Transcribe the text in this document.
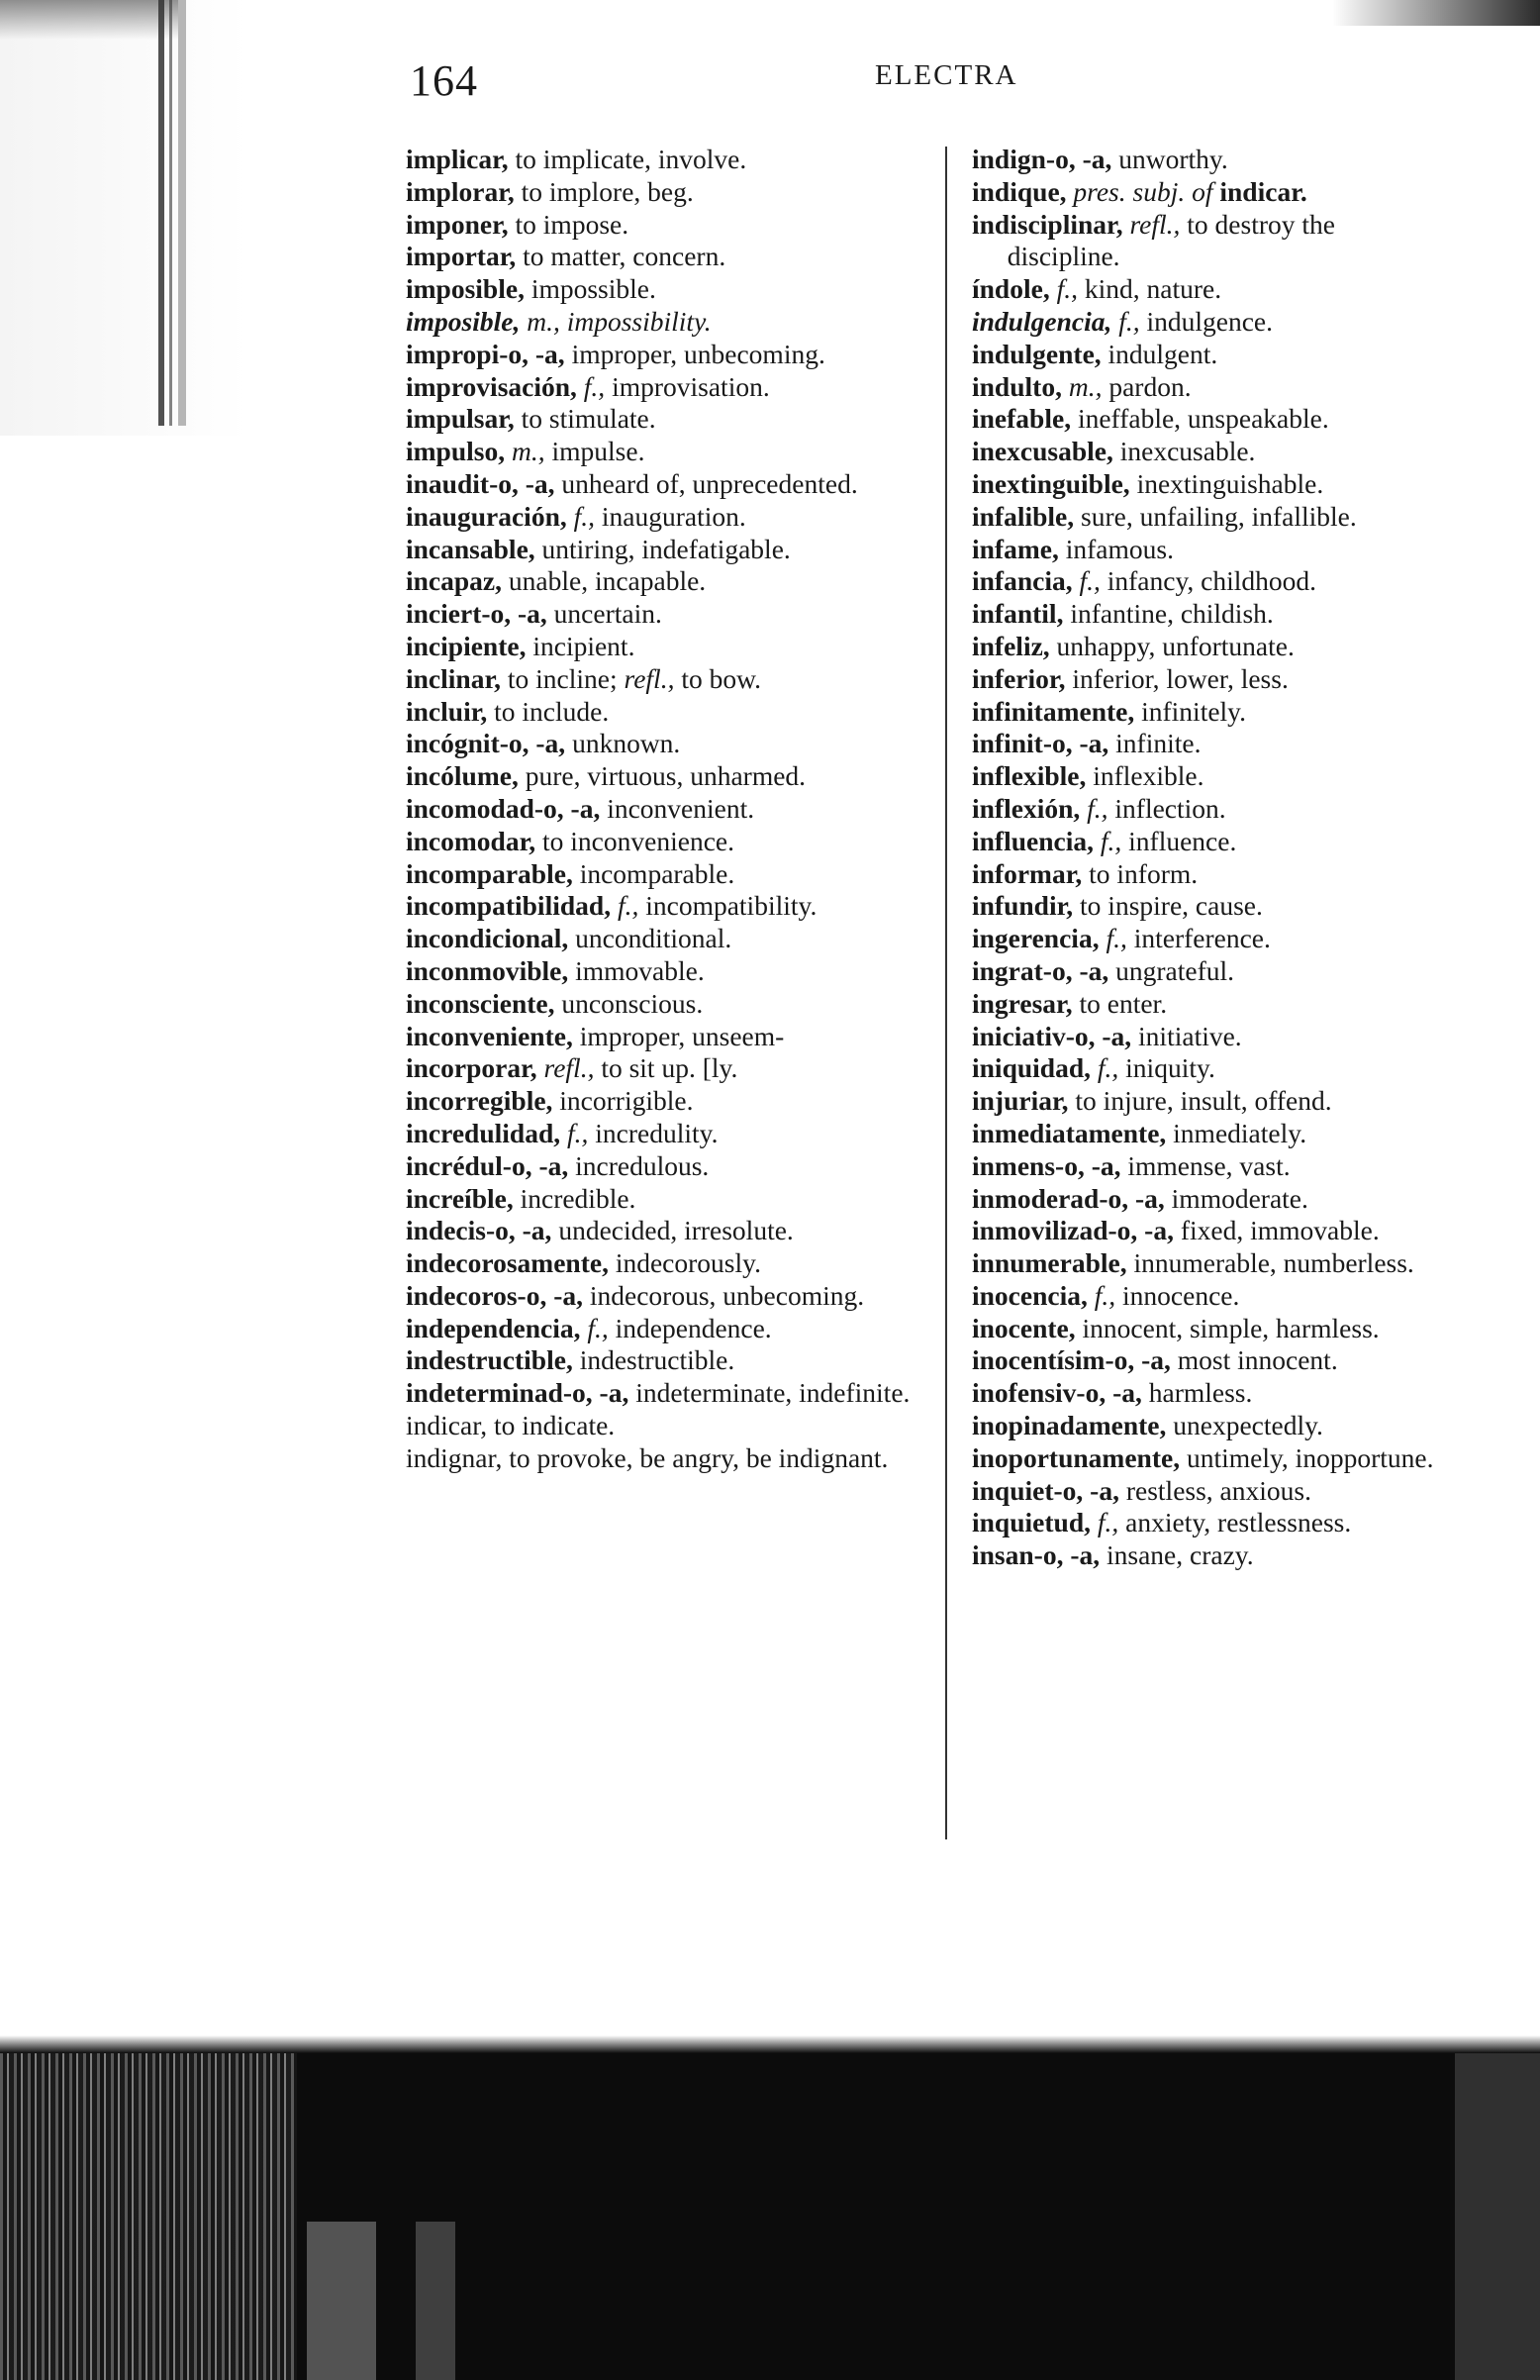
164	ELECTRA

implicar, to implicate, involve.

implorar, to implore, beg.

imponer, to impose.

importar, to matter, concern.

imposible, impossible.

imposible, m., impossibility.

impropi-o, -a, improper, unbecoming.

improvisación, f., improvisation.

impulsar, to stimulate.

impulso, m., impulse.

inaudit-o, -a, unheard of, unprecedented.

inauguración, f., inauguration.

incansable, untiring, indefatigable.

incapaz, unable, incapable.

inciert-o, -a, uncertain.

incipiente, incipient.

inclinar, to incline; refl., to bow.

incluir, to include.

incógnit-o, -a, unknown.

incólume, pure, virtuous, unharmed.

incomodad-o, -a, inconvenient.

incomodar, to inconvenience.

incomparable, incomparable.

incompatibilidad, f., incompatibility.

incondicional, unconditional.

inconmovible, immovable.

inconsciente, unconscious.

inconveniente, improper, unseem-

incorporar, refl., to sit up. [ly.

incorregible, incorrigible.

incredulidad, f., incredulity.

incrédul-o, -a, incredulous.

increíble, incredible.

indecis-o, -a, undecided, irresolute.

indecorosamente, indecorously.

indecoros-o, -a, indecorous, unbecoming.

independencia, f., independence.

indestructible, indestructible.

indeterminad-o, -a, indeterminate, indefinite.

indicar, to indicate.

indignar, to provoke, be angry, be indignant.

indign-o, -a, unworthy.

indique, pres. subj. of indicar.

indisciplinar, refl., to destroy the discipline.

índole, f., kind, nature.

indulgencia, f., indulgence.

indulgente, indulgent.

indulto, m., pardon.

inefable, ineffable, unspeakable.

inexcusable, inexcusable.

inextinguible, inextinguishable.

infalible, sure, unfailing, infallible.

infame, infamous.

infancia, f., infancy, childhood.

infantil, infantine, childish.

infeliz, unhappy, unfortunate.

inferior, inferior, lower, less.

infinitamente, infinitely.

infinit-o, -a, infinite.

inflexible, inflexible.

inflexión, f., inflection.

influencia, f., influence.

informar, to inform.

infundir, to inspire, cause.

ingerencia, f., interference.

ingrat-o, -a, ungrateful.

ingresar, to enter.

iniciativ-o, -a, initiative.

iniquidad, f., iniquity.

injuriar, to injure, insult, offend.

inmediatamente, inmediately.

inmens-o, -a, immense, vast.

inmoderad-o, -a, immoderate.

inmovilizad-o, -a, fixed, immovable.

innumerable, innumerable, numberless.

inocencia, f., innocence.

inocente, innocent, simple, harmless.

inocentísim-o, -a, most innocent.

inofensiv-o, -a, harmless.

inopinadamente, unexpectedly.

inoportunamente, untimely, inopportune.

inquiet-o, -a, restless, anxious.

inquietud, f., anxiety, restlessness.

insan-o, -a, insane, crazy.
